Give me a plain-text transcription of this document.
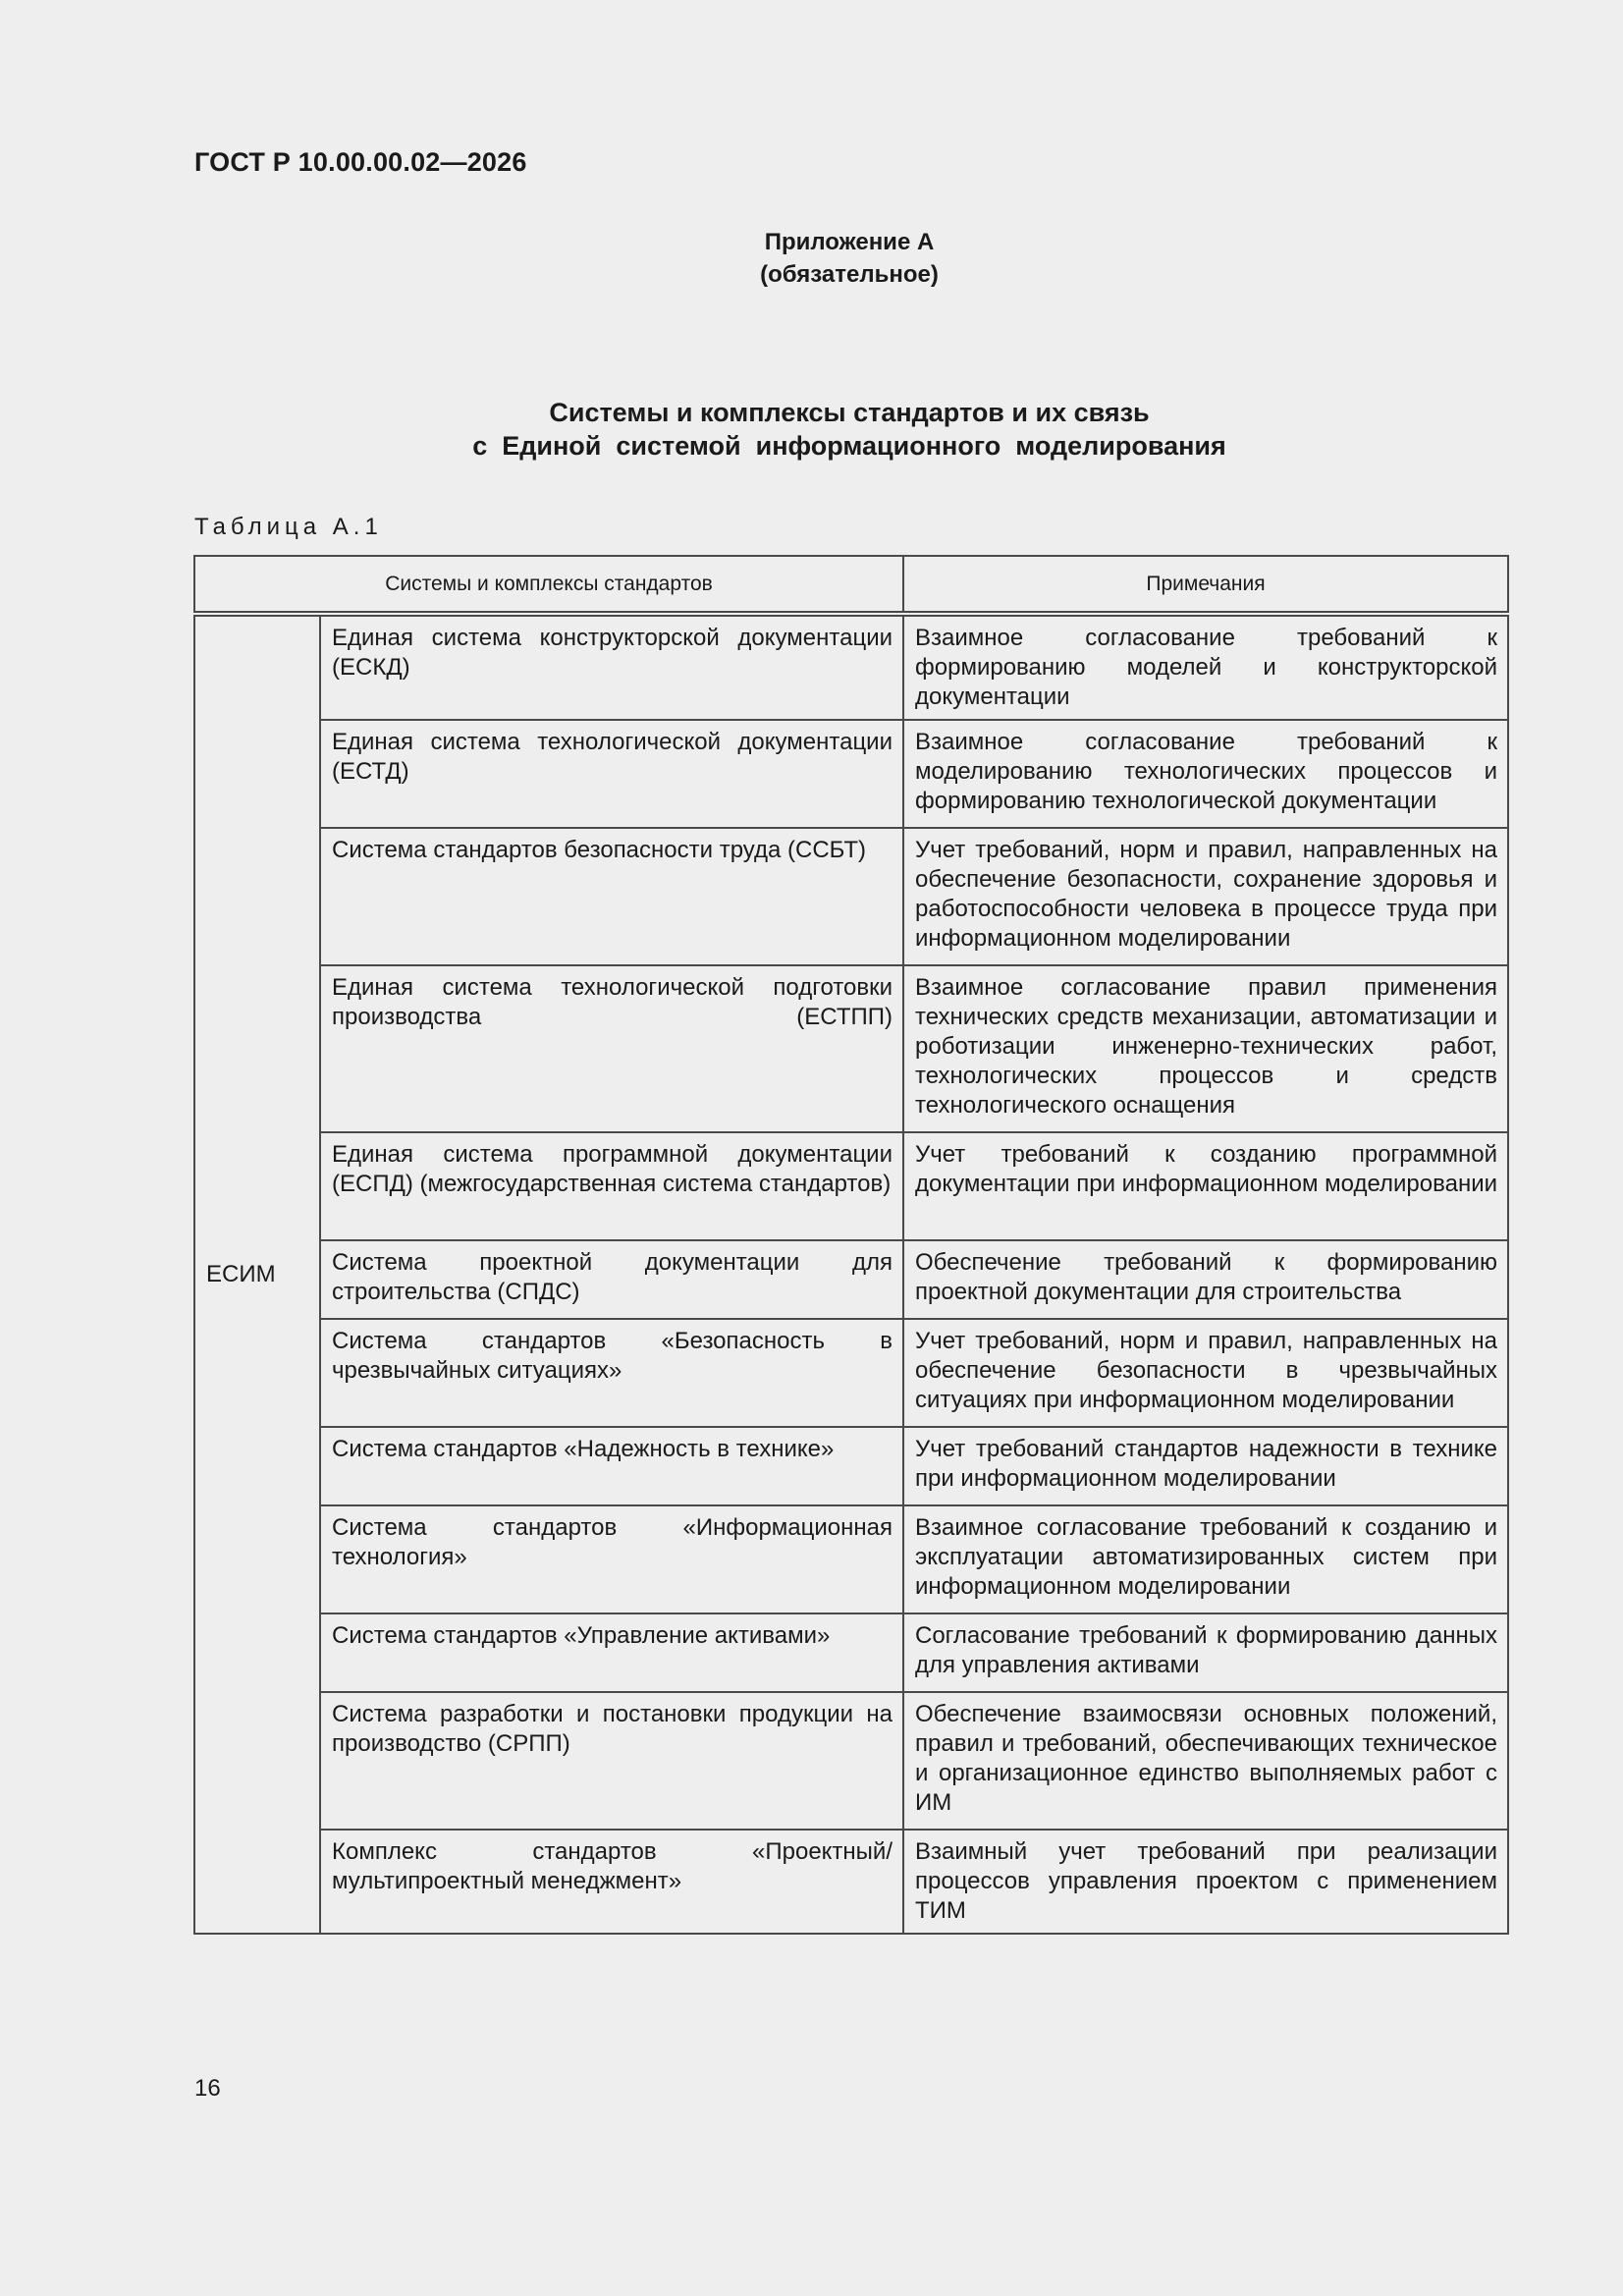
ГОСТ Р 10.00.00.02—2026
Приложение А
(обязательное)
Системы и комплексы стандартов и их связь
с  Единой  системой  информационного  моделирования
Таблица А.1
Системы и комплексы стандартов		Примечания
ЕСИМ	Единая система конструкторской документации (ЕСКД)	Взаимное согласование требований к формированию моделей и конструкторской документации
	Единая система технологической документации (ЕСТД)	Взаимное согласование требований к моделированию технологических процессов и формированию технологической документации
	Система стандартов безопасности труда (ССБТ)	Учет требований, норм и правил, направленных на обеспечение безопасности, сохранение здоровья и работоспособности человека в процессе труда при информационном моделировании
	Единая система технологической подготовки производства (ЕСТПП)	Взаимное согласование правил применения технических средств механизации, автоматизации и роботизации инженерно-технических работ, технологических процессов и средств технологического оснащения
	Единая система программной документации (ЕСПД) (межгосударственная система стандартов)	Учет требований к созданию программной документации при информационном моделировании
	Система проектной документации для строительства (СПДС)	Обеспечение требований к формированию проектной документации для строительства
	Система стандартов «Безопасность в чрезвычайных ситуациях»	Учет требований, норм и правил, направленных на обеспечение безопасности в чрезвычайных ситуациях при информационном моделировании
	Система стандартов «Надежность в технике»	Учет требований стандартов надежности в технике при информационном моделировании
	Система стандартов «Информационная технология»	Взаимное согласование требований к созданию и эксплуатации автоматизированных систем при информационном моделировании
	Система стандартов «Управление активами»	Согласование требований к формированию данных для управления активами
	Система разработки и постановки продукции на производство (СРПП)	Обеспечение взаимосвязи основных положений, правил и требований, обеспечивающих техническое и организационное единство выполняемых работ с ИМ
	Комплекс стандартов «Проектный/мультипроектный менеджмент»	Взаимный учет требований при реализации процессов управления проектом с применением ТИМ
16
